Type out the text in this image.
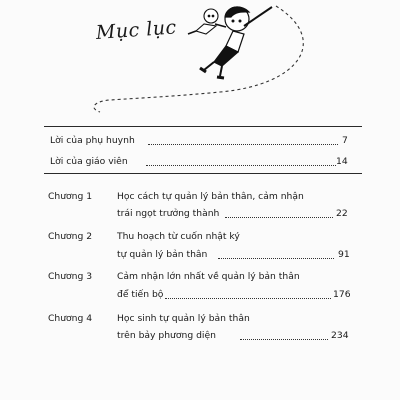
Mục lục
Lời của phụ huynh	7
Lời của giáo viên	14
Chương 1	Học cách tự quản lý bản thân, cảm nhận
trái ngọt trưởng thành	22
Chương 2	Thu hoạch từ cuốn nhật ký
tự quản lý bản thân	91
Chương 3	Cảm nhận lớn nhất về quản lý bản thân
để tiến bộ	176
Chương 4	Học sinh tự quản lý bản thân
trên bảy phương diện	234
